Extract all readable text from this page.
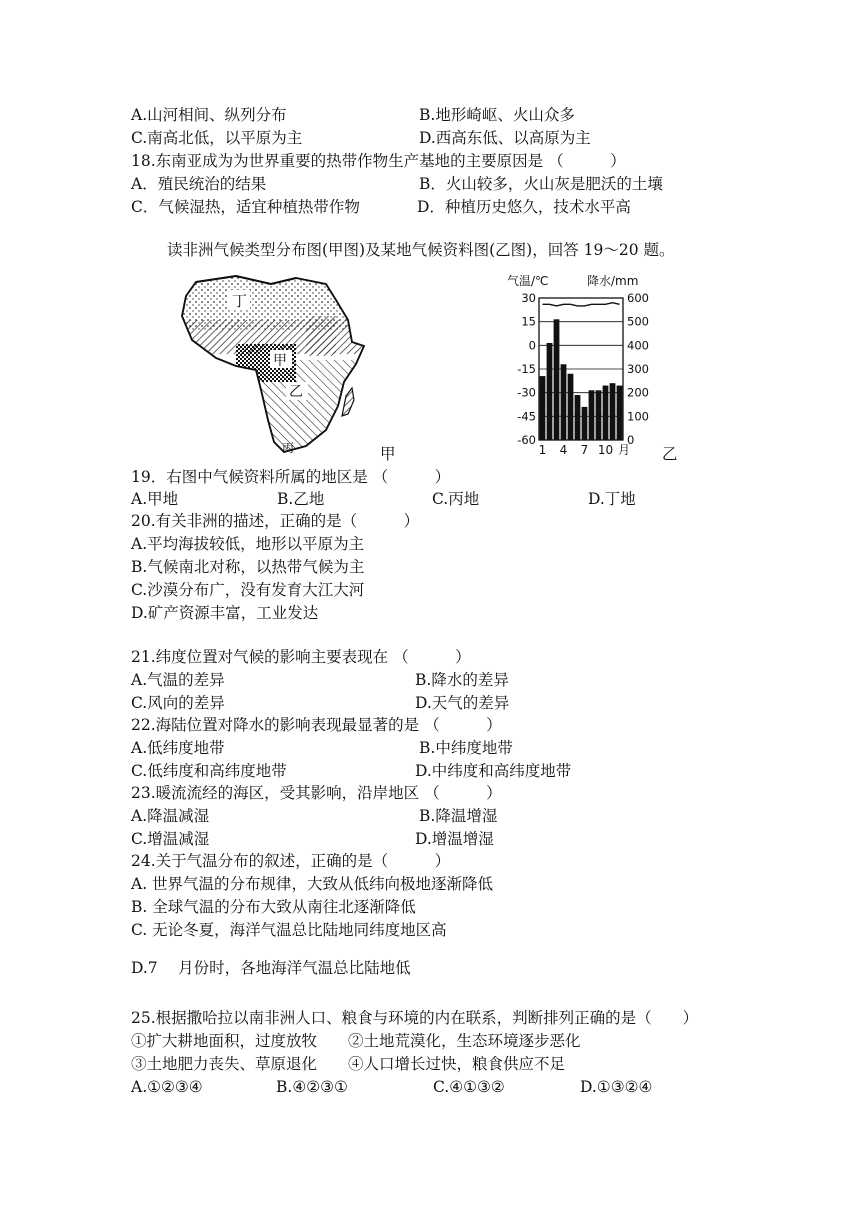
A.山河相间、纵列分布	B.地形崎岖、火山众多
C.南高北低，以平原为主	D.西高东低、以高原为主
18.东南亚成为为世界重要的热带作物生产基地的主要原因是 （　　　）
A．殖民统治的结果	B．火山较多，火山灰是肥沃的土壤
C．气候湿热，适宜种植热带作物	D．种植历史悠久，技术水平高
读非洲气候类型分布图(甲图)及某地气候资料图(乙图)，回答 19～20 题。
丁
甲
乙
丙	甲
气温/℃	降水/mm
30
15
0
-15
-30
-45
-60
600
500
400
300
200
100
0
1 4 7 10 月 乙
19．右图中气候资料所属的地区是 （　　　）
A.甲地	B.乙地	C.丙地	D.丁地
20.有关非洲的描述，正确的是（　　　）
A.平均海拔较低，地形以平原为主
B.气候南北对称，以热带气候为主
C.沙漠分布广，没有发育大江大河
D.矿产资源丰富，工业发达
21.纬度位置对气候的影响主要表现在 （　　　）
A.气温的差异	B.降水的差异
C.风向的差异	D.天气的差异
22.海陆位置对降水的影响表现最显著的是 （　　　）
A.低纬度地带	B.中纬度地带
C.低纬度和高纬度地带	D.中纬度和高纬度地带
23.暖流流经的海区，受其影响，沿岸地区 （　　　）
A.降温减湿	B.降温增湿
C.增温减湿	D.增温增湿
24.关于气温分布的叙述，正确的是（　　　）
A. 世界气温的分布规律，大致从低纬向极地逐渐降低
B. 全球气温的分布大致从南往北逐渐降低
C. 无论冬夏，海洋气温总比陆地同纬度地区高
D.7　 月份时，各地海洋气温总比陆地低
25.根据撒哈拉以南非洲人口、粮食与环境的内在联系，判断排列正确的是（　　）
①扩大耕地面积，过度放牧　　②土地荒漠化，生态环境逐步恶化
③土地肥力丧失、草原退化　　④人口增长过快，粮食供应不足
A.①②③④	B.④②③①	C.④①③②	D.①③②④
